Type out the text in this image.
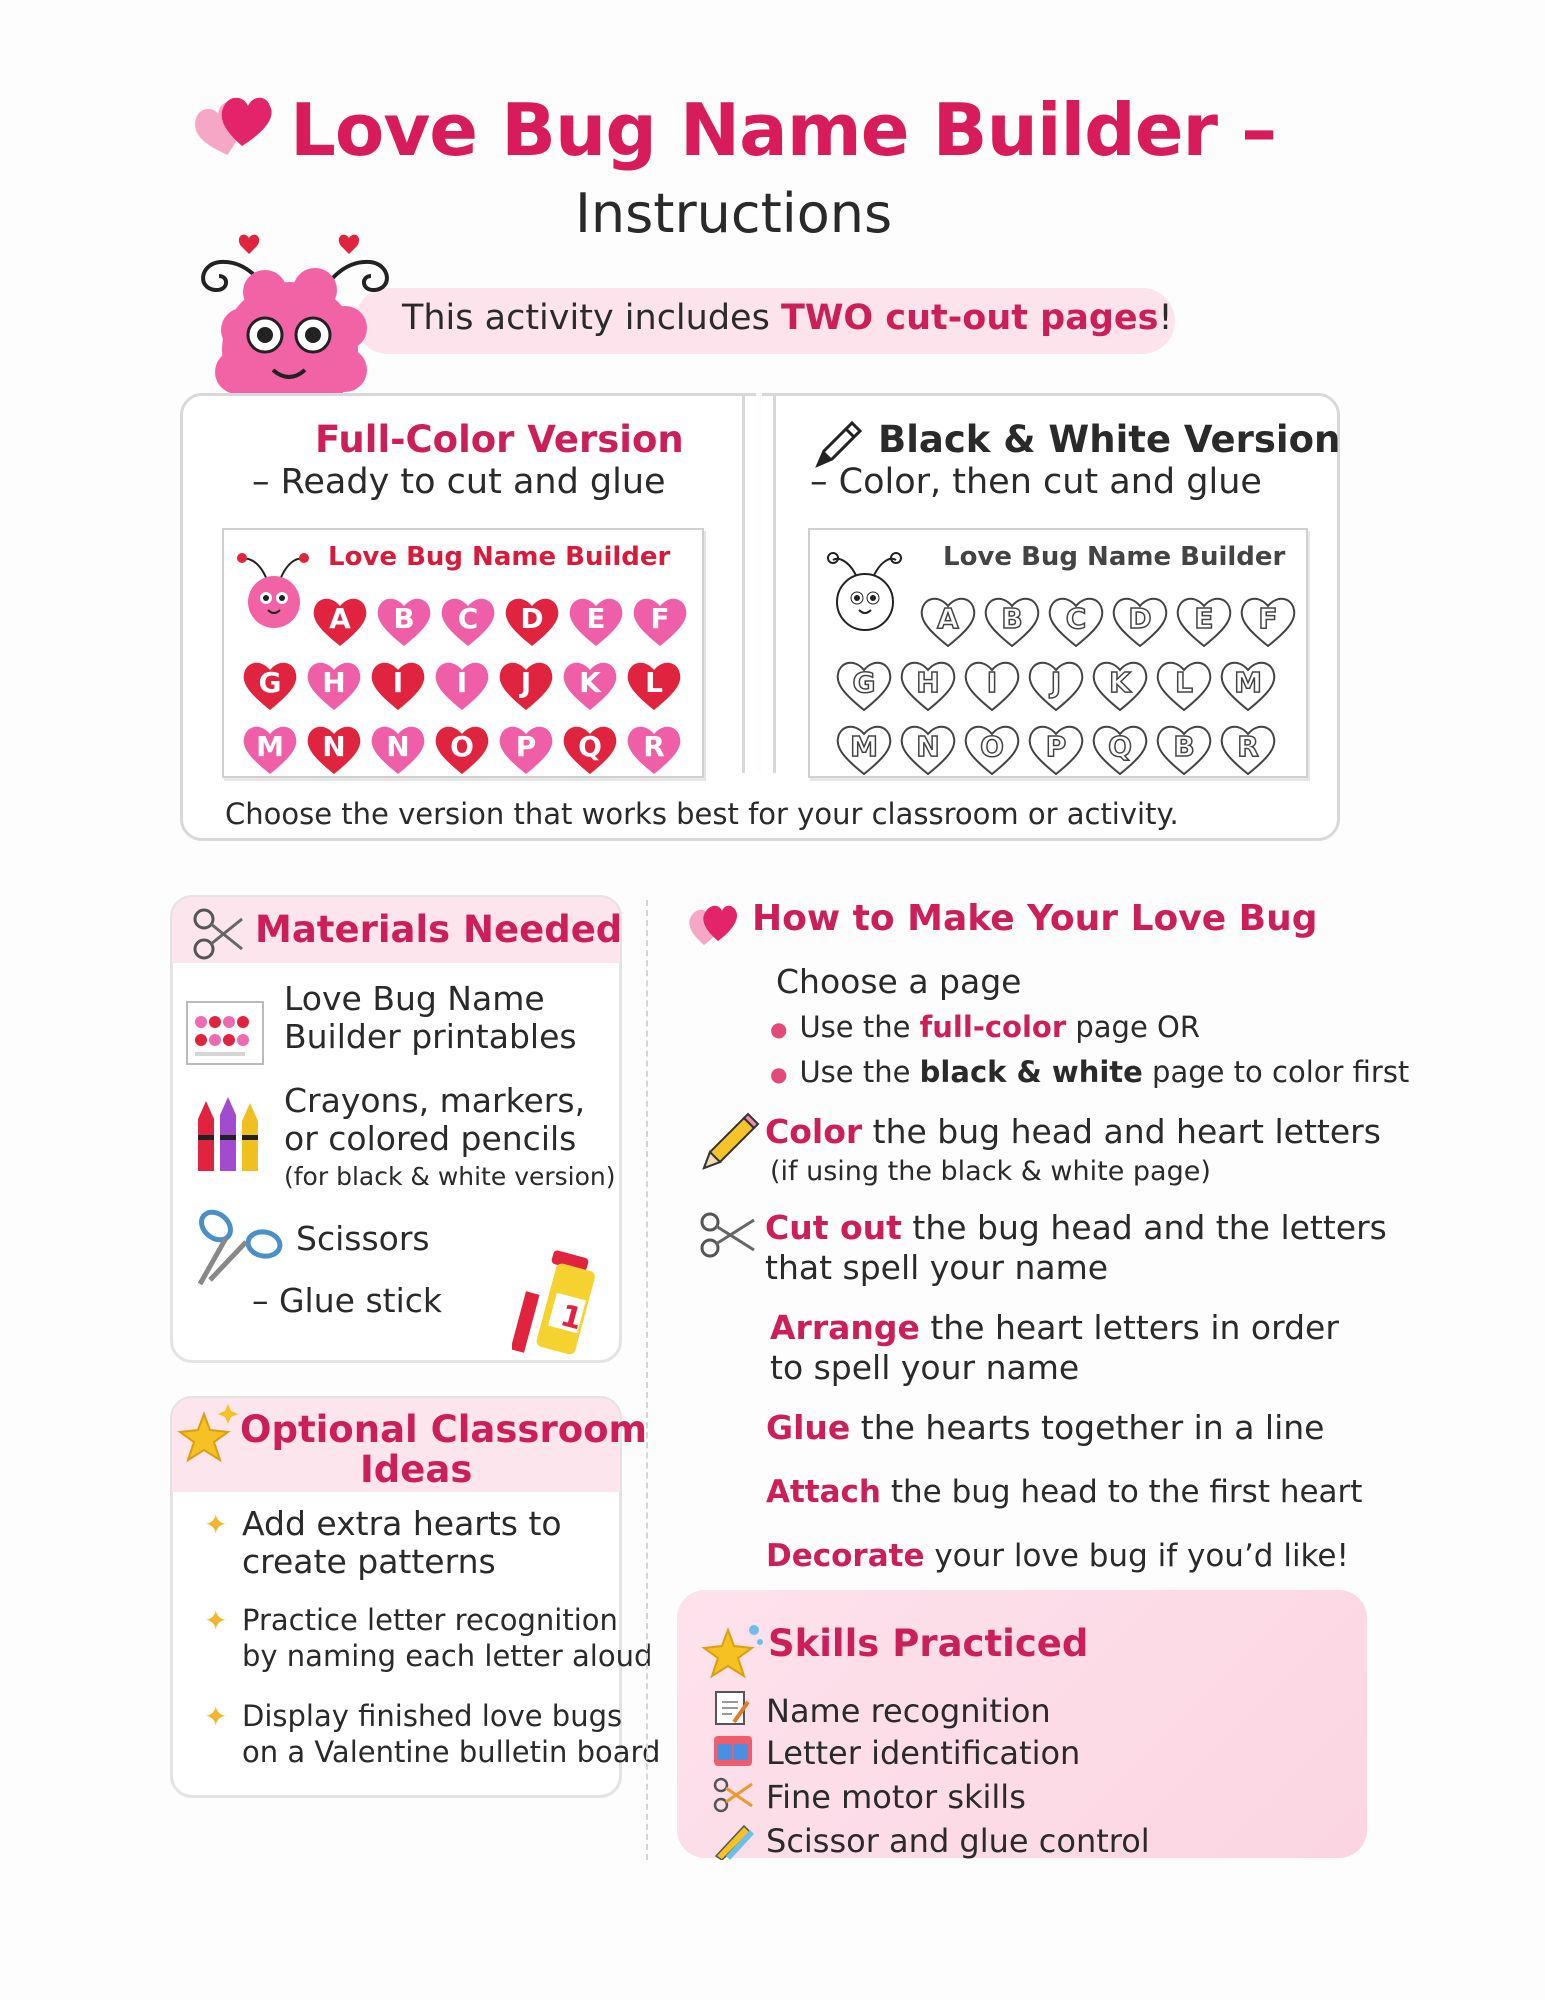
Love Bug Name Builder –
Instructions
This activity includes TWO cut-out pages!
Full-Color Version
– Ready to cut and glue
Black & White Version
– Color, then cut and glue
Love Bug Name Builder
A B C D E F
G H I I J K L
M N N O P Q R
Love Bug Name Builder
A B C D E F
G H I J K L M
M N O P Q B R
Choose the version that works best for your classroom or activity.
Materials Needed
Love Bug Name
Builder printables
Crayons, markers,
or colored pencils
(for black & white version)
Scissors
– Glue stick	1
Optional Classroom
Ideas
✦ Add extra hearts to
create patterns
✦ Practice letter recognition
by naming each letter aloud
✦ Display finished love bugs
on a Valentine bulletin board
How to Make Your Love Bug
Choose a page
● Use the full-color page OR
● Use the black & white page to color first
Color the bug head and heart letters
(if using the black & white page)
Cut out the bug head and the letters
that spell your name
Arrange the heart letters in order
to spell your name
Glue the hearts together in a line
Attach the bug head to the first heart
Decorate your love bug if you’d like!
Skills Practiced
Name recognition
Letter identification
Fine motor skills
Scissor and glue control
